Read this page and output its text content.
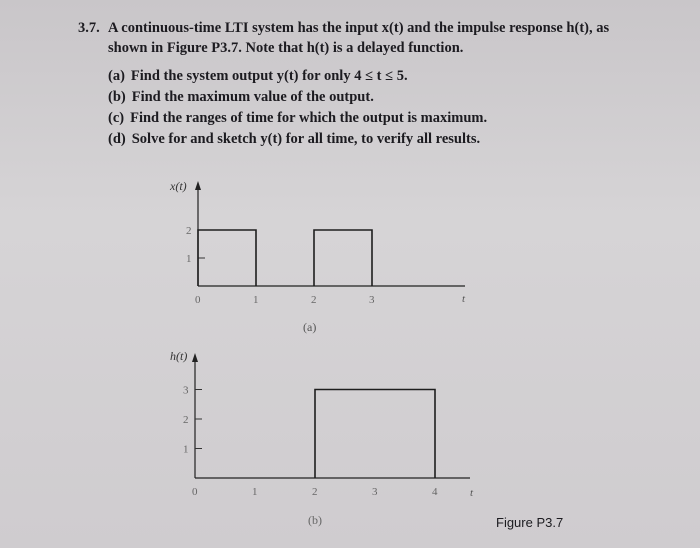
3.7. A continuous-time LTI system has the input x(t) and the impulse response h(t), as
shown in Figure P3.7. Note that h(t) is a delayed function.
(a) Find the system output y(t) for only 4 ≤ t ≤ 5.
(b) Find the maximum value of the output.
(c) Find the ranges of time for which the output is maximum.
(d) Solve for and sketch y(t) for all time, to verify all results.
x(t)
t
(a)
0	1	2	3
1
2
h(t)
t
(b)
0	1	2	3	4
1
2
3
Figure P3.7
